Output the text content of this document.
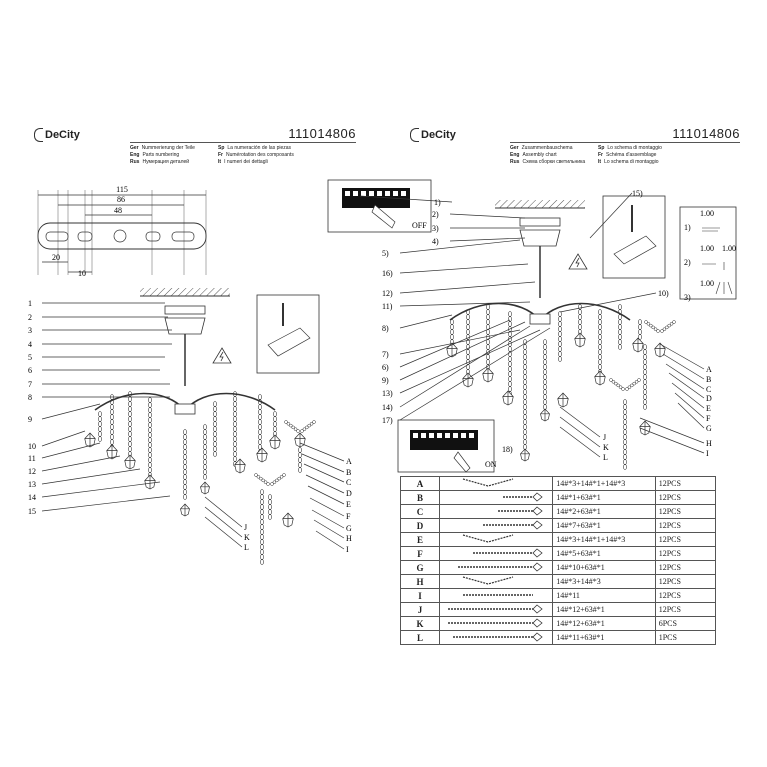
DeCity	111014806
Ger Nummerierung der Teile	Sp La numeración de las piezas
Eng Parts numbering	Fr Numérotation des composants
Rus Нумерация деталей	It I numeri dei dettagli
DeCity	111014806
Ger Zusammenbauschema	Sp Lo schema di montaggio
Eng Assembly chart	Fr Schéma d'assemblage
Rus Схема сборки светильника	It Lo schema di montaggio
115
86
48
20
10
1
2
3
4
5
6
7
8
9
10
11
12
13
14
15
A
B
C
D
E
F
G
H
I
J
K
L
OFF	1)
1.00
2)
1.00 1.00
3)
1.00
ON
1)
2)
3)
4)
5)
16)
12)
11)
8)
7)
6)
9)
13)
14)
17)
15)
10)
18)
A
B
C
D
E
F
G
H
I
J
K
L
A		14#*3+14#*1+14#*3	12PCS
B		14#*1+63#*1	12PCS
C		14#*2+63#*1	12PCS
D		14#*7+63#*1	12PCS
E		14#*3+14#*1+14#*3	12PCS
F		14#*5+63#*1	12PCS
G		14#*10+63#*1	12PCS
H		14#*3+14#*3	12PCS
I		14#*11	12PCS
J		14#*12+63#*1	12PCS
K		14#*12+63#*1	6PCS
L		14#*11+63#*1	1PCS
